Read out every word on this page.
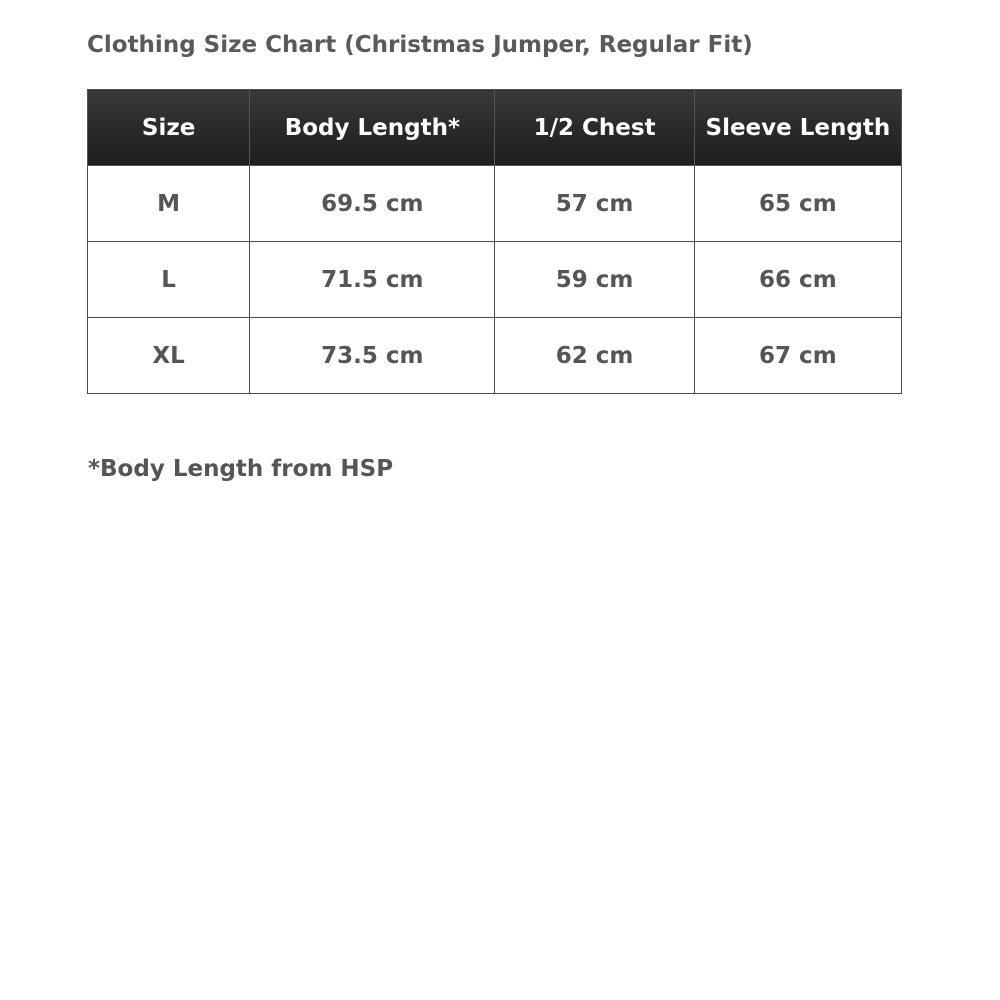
Clothing Size Chart (Christmas Jumper, Regular Fit)
Size	Body Length*	1/2 Chest	Sleeve Length
M	69.5 cm	57 cm	65 cm
L	71.5 cm	59 cm	66 cm
XL	73.5 cm	62 cm	67 cm
*Body Length from HSP
